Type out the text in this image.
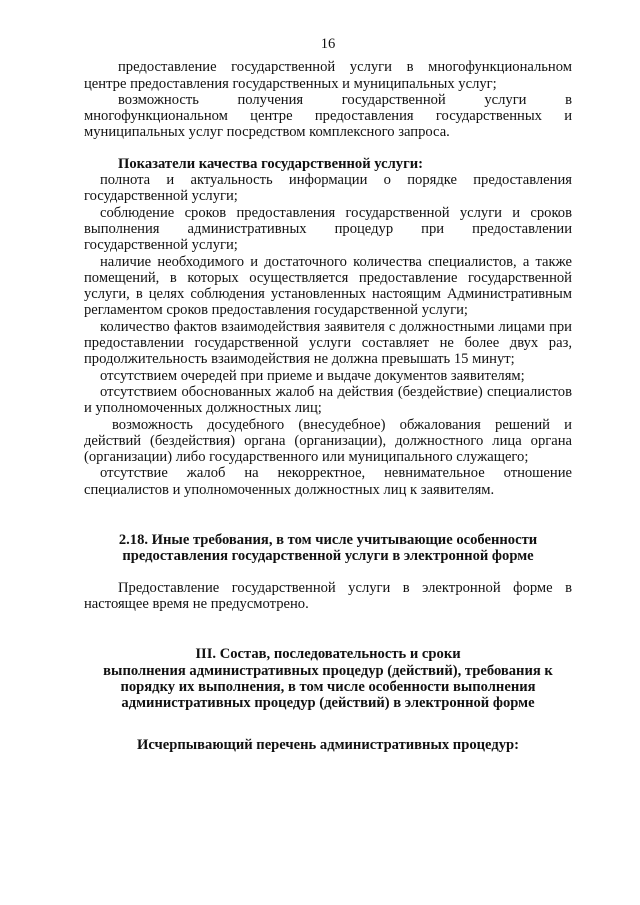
16

предоставление государственной услуги в многофункциональном центре предоставления государственных и муниципальных услуг;

возможность получения государственной услуги в многофункциональном центре предоставления государственных и муниципальных услуг посредством комплексного запроса.

Показатели качества государственной услуги:

полнота и актуальность информации о порядке предоставления государственной услуги;

соблюдение сроков предоставления государственной услуги и сроков выполнения административных процедур при предоставлении государственной услуги;

наличие необходимого и достаточного количества специалистов, а также помещений, в которых осуществляется предоставление государственной услуги, в целях соблюдения установленных настоящим Административным регламентом сроков предоставления государственной услуги;

количество фактов взаимодействия заявителя с должностными лицами при предоставлении государственной услуги составляет не более двух раз, продолжительность взаимодействия не должна превышать 15 минут;

отсутствием очередей при приеме и выдаче документов заявителям;

отсутствием обоснованных жалоб на действия (бездействие) специалистов и уполномоченных должностных лиц;

возможность досудебного (внесудебное) обжалования решений и действий (бездействия) органа (организации), должностного лица органа (организации) либо государственного или муниципального служащего;

отсутствие жалоб на некорректное, невнимательное отношение специалистов и уполномоченных должностных лиц к заявителям.

2.18. Иные требования, в том числе учитывающие особенности

предоставления государственной услуги в электронной форме

Предоставление государственной услуги в электронной форме в настоящее время не предусмотрено.

III. Состав, последовательность и сроки

выполнения административных процедур (действий), требования к

порядку их выполнения, в том числе особенности выполнения

административных процедур (действий) в электронной форме

Исчерпывающий перечень административных процедур:
